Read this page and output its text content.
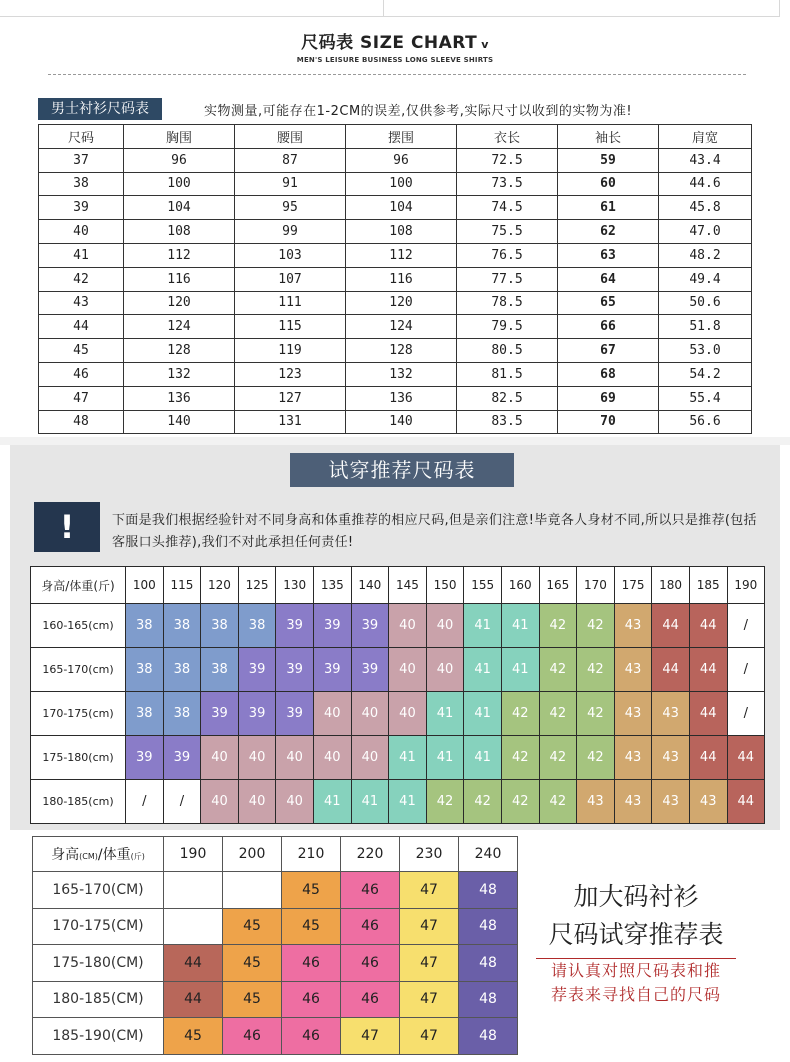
尺码表 SIZE CHART v
MEN'S LEISURE BUSINESS LONG SLEEVE SHIRTS
男士衬衫尺码表	实物测量,可能存在1-2CM的误差,仅供参考,实际尺寸以收到的实物为准!
尺码	胸围	腰围	摆围	衣长	袖长	肩宽
37	96	87	96	72.5	59	43.4
38	100	91	100	73.5	60	44.6
39	104	95	104	74.5	61	45.8
40	108	99	108	75.5	62	47.0
41	112	103	112	76.5	63	48.2
42	116	107	116	77.5	64	49.4
43	120	111	120	78.5	65	50.6
44	124	115	124	79.5	66	51.8
45	128	119	128	80.5	67	53.0
46	132	123	132	81.5	68	54.2
47	136	127	136	82.5	69	55.4
48	140	131	140	83.5	70	56.6
试穿推荐尺码表
!	下面是我们根据经验针对不同身高和体重推荐的相应尺码,但是亲们注意!毕竟各人身材不同,所以只是推荐(包括客服口头推荐),我们不对此承担任何责任!
身高/体重(斤)	100	115	120	125	130	135	140	145	150	155	160	165	170	175	180	185	190
160-165(cm)	38	38	38	38	39	39	39	40	40	41	41	42	42	43	44	44	/
165-170(cm)	38	38	38	39	39	39	39	40	40	41	41	42	42	43	44	44	/
170-175(cm)	38	38	39	39	39	40	40	40	41	41	42	42	42	43	43	44	/
175-180(cm)	39	39	40	40	40	40	40	41	41	41	42	42	42	43	43	44	44
180-185(cm)	/	/	40	40	40	41	41	41	42	42	42	42	43	43	43	43	44
身高(CM)/体重(斤)	190	200	210	220	230	240
165-170(CM)			45	46	47	48
170-175(CM)		45	45	46	47	48
175-180(CM)	44	45	46	46	47	48
180-185(CM)	44	45	46	46	47	48
185-190(CM)	45	46	46	47	47	48
加大码衬衫
尺码试穿推荐表
请认真对照尺码表和推
荐表来寻找自己的尺码
